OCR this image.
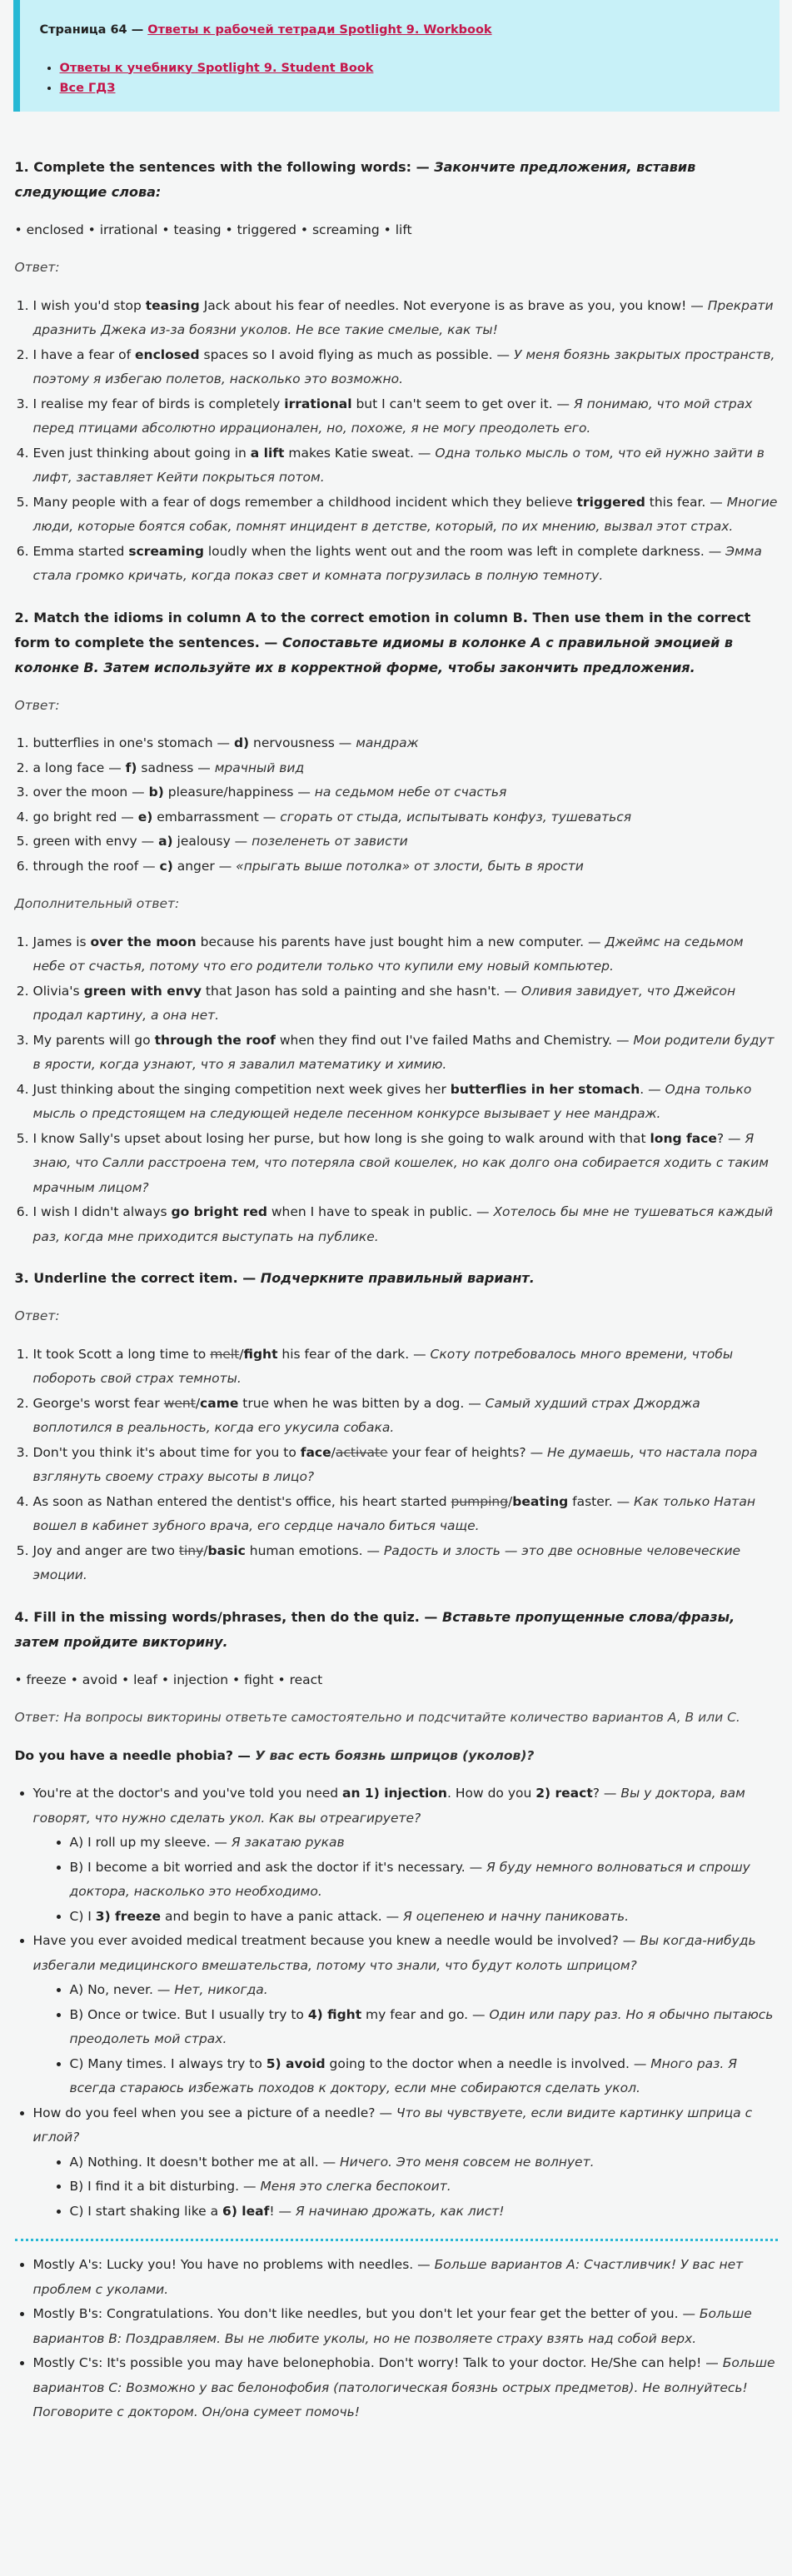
Страница 64 — Ответы к рабочей тетради Spotlight 9. Workbook

• Ответы к учебнику Spotlight 9. Student Book
• Все ГДЗ
1. Complete the sentences with the following words: — Закончите предложения, вставив следующие слова:

• enclosed • irrational • teasing • triggered • screaming • lift

Ответ:

1. I wish you'd stop teasing Jack about his fear of needles. Not everyone is as brave as you, you know! — Прекрати дразнить Джека из-за боязни уколов. Не все такие смелые, как ты!
2. I have a fear of enclosed spaces so I avoid flying as much as possible. — У меня боязнь закрытых пространств, поэтому я избегаю полетов, насколько это возможно.
3. I realise my fear of birds is completely irrational but I can't seem to get over it. — Я понимаю, что мой страх перед птицами абсолютно иррационален, но, похоже, я не могу преодолеть его.
4. Even just thinking about going in a lift makes Katie sweat. — Одна только мысль о том, что ей нужно зайти в лифт, заставляет Кейти покрыться потом.
5. Many people with a fear of dogs remember a childhood incident which they believe triggered this fear. — Многие люди, которые боятся собак, помнят инцидент в детстве, который, по их мнению, вызвал этот страх.
6. Emma started screaming loudly when the lights went out and the room was left in complete darkness. — Эмма стала громко кричать, когда показ свет и комната погрузилась в полную темноту.
2. Match the idioms in column A to the correct emotion in column B. Then use them in the correct form to complete the sentences. — Сопоставьте идиомы в колонке A с правильной эмоцией в колонке B. Затем используйте их в корректной форме, чтобы закончить предложения.

Ответ:

1. butterflies in one's stomach — d) nervousness — мандраж
2. a long face — f) sadness — мрачный вид
3. over the moon — b) pleasure/happiness — на седьмом небе от счастья
4. go bright red — e) embarrassment — сгорать от стыда, испытывать конфуз, тушеваться
5. green with envy — a) jealousy — позеленеть от зависти
6. through the roof — c) anger — «прыгать выше потолка» от злости, быть в ярости

Дополнительный ответ:

1. James is over the moon because his parents have just bought him a new computer. — Джеймс на седьмом небе от счастья, потому что его родители только что купили ему новый компьютер.
2. Olivia's green with envy that Jason has sold a painting and she hasn't. — Оливия завидует, что Джейсон продал картину, а она нет.
3. My parents will go through the roof when they find out I've failed Maths and Chemistry. — Мои родители будут в ярости, когда узнают, что я завалил математику и химию.
4. Just thinking about the singing competition next week gives her butterflies in her stomach. — Одна только мысль о предстоящем на следующей неделе песенном конкурсе вызывает у нее мандраж.
5. I know Sally's upset about losing her purse, but how long is she going to walk around with that long face? — Я знаю, что Салли расстроена тем, что потеряла свой кошелек, но как долго она собирается ходить с таким мрачным лицом?
6. I wish I didn't always go bright red when I have to speak in public. — Хотелось бы мне не тушеваться каждый раз, когда мне приходится выступать на публике.
3. Underline the correct item. — Подчеркните правильный вариант.

Ответ:

1. It took Scott a long time to melt/fight his fear of the dark. — Скоту потребовалось много времени, чтобы побороть свой страх темноты.
2. George's worst fear went/came true when he was bitten by a dog. — Самый худший страх Джорджа воплотился в реальность, когда его укусила собака.
3. Don't you think it's about time for you to face/activate your fear of heights? — Не думаешь, что настала пора взглянуть своему страху высоты в лицо?
4. As soon as Nathan entered the dentist's office, his heart started pumping/beating faster. — Как только Натан вошел в кабинет зубного врача, его сердце начало биться чаще.
5. Joy and anger are two tiny/basic human emotions. — Радость и злость — это две основные человеческие эмоции.
4. Fill in the missing words/phrases, then do the quiz. — Вставьте пропущенные слова/фразы, затем пройдите викторину.

• freeze • avoid • leaf • injection • fight • react

Ответ: На вопросы викторины ответьте самостоятельно и подсчитайте количество вариантов A, B или C.

Do you have a needle phobia? — У вас есть боязнь шприцов (уколов)?

• You're at the doctor's and you've told you need an 1) injection. How do you 2) react? — Вы у доктора, вам говорят, что нужно сделать укол. Как вы отреагируете?
• A) I roll up my sleeve. — Я закатаю рукав
• B) I become a bit worried and ask the doctor if it's necessary. — Я буду немного волноваться и спрошу доктора, насколько это необходимо.
• C) I 3) freeze and begin to have a panic attack. — Я оцепенею и начну паниковать.
• Have you ever avoided medical treatment because you knew a needle would be involved? — Вы когда-нибудь избегали медицинского вмешательства, потому что знали, что будут колоть шприцом?
• A) No, never. — Нет, никогда.
• B) Once or twice. But I usually try to 4) fight my fear and go. — Один или пару раз. Но я обычно пытаюсь преодолеть мой страх.
• C) Many times. I always try to 5) avoid going to the doctor when a needle is involved. — Много раз. Я всегда стараюсь избежать походов к доктору, если мне собираются сделать укол.
• How do you feel when you see a picture of a needle? — Что вы чувствуете, если видите картинку шприца с иглой?
• A) Nothing. It doesn't bother me at all. — Ничего. Это меня совсем не волнует.
• B) I find it a bit disturbing. — Меня это слегка беспокоит.
• C) I start shaking like a 6) leaf! — Я начинаю дрожать, как лист!
• Mostly A's: Lucky you! You have no problems with needles. — Больше вариантов A: Счастливчик! У вас нет проблем с уколами.
• Mostly B's: Congratulations. You don't like needles, but you don't let your fear get the better of you. — Больше вариантов B: Поздравляем. Вы не любите уколы, но не позволяете страху взять над собой верх.
• Mostly C's: It's possible you may have belonephobia. Don't worry! Talk to your doctor. He/She can help! — Больше вариантов C: Возможно у вас белонофобия (патологическая боязнь острых предметов). Не волнуйтесь! Поговорите с доктором. Он/она сумеет помочь!
